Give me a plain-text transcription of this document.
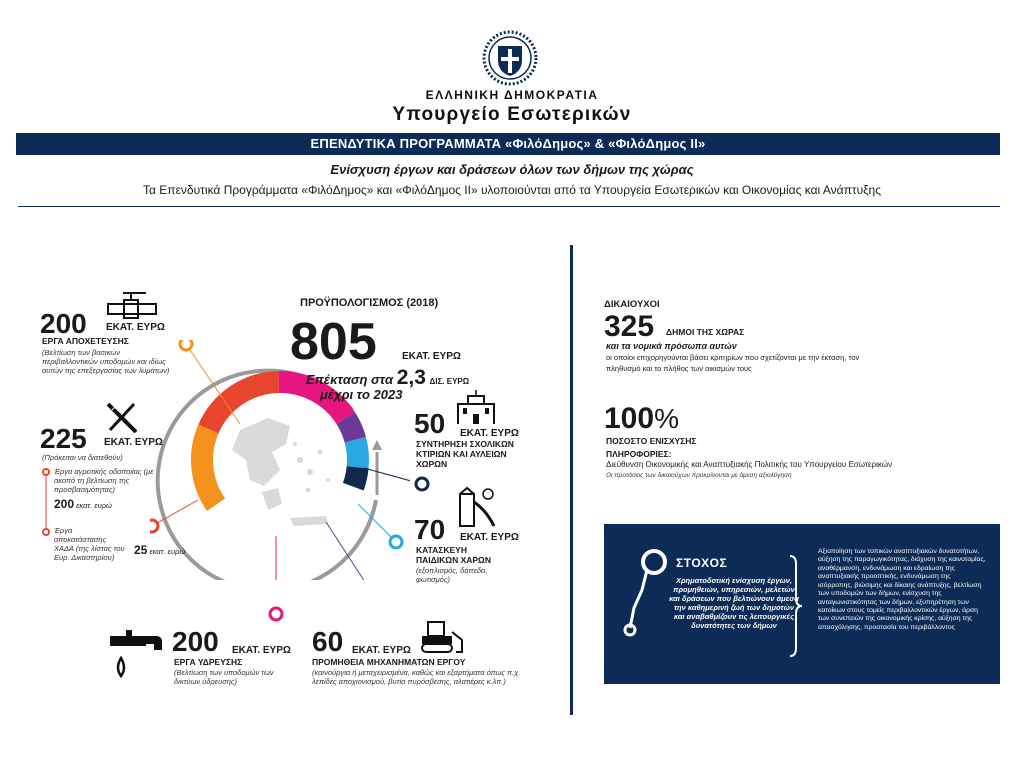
ΕΛΛΗΝΙΚΗ ΔΗΜΟΚΡΑΤΙΑ
Υπουργείο Εσωτερικών
ΕΠΕΝΔΥΤΙΚΑ ΠΡΟΓΡΑΜΜΑΤΑ «ΦιλόΔημος» & «ΦιλόΔημος ΙΙ»
Ενίσχυση έργων και δράσεων όλων των δήμων της χώρας
Τα Επενδυτικά Προγράμματα «ΦιλόΔημος» και «ΦιλόΔημος ΙΙ» υλοποιούνται από τα Υπουργεία Εσωτερικών και Οικονομίας και Ανάπτυξης
ΠΡΟΫΠΟΛΟΓΙΣΜΟΣ (2018)
805	ΕΚΑΤ. ΕΥΡΩ
Επέκταση στα 2,3 ΔΙΣ. ΕΥΡΩ
μέχρι το 2023
200 ΕΚΑΤ. ΕΥΡΩ
ΕΡΓΑ ΑΠΟΧΕΤΕΥΣΗΣ
(Βελτίωση των βασικών περιβαλλοντικών υποδομών και ιδίως αυτών της επεξεργασίας των λυμάτων)
225 ΕΚΑΤ. ΕΥΡΩ
(Πρόκειται να διατεθούν)
Έργα αγροτικής οδοποιίας (με ακοπό τη βελτίωση της προσβασιμότητας)
200 εκατ. ευρώ
Έργα αποκατάστασης ΧΑΔΑ (της λίστας του Ευρ. Δικαστηρίου)
25 εκατ. ευρώ
50 ΕΚΑΤ. ΕΥΡΩ
ΣΥΝΤΗΡΗΣΗ ΣΧΟΛΙΚΩΝ ΚΤΙΡΙΩΝ ΚΑΙ ΑΥΛΕΙΩΝ ΧΩΡΩΝ
70 ΕΚΑΤ. ΕΥΡΩ
ΚΑΤΑΣΚΕΥΗ ΠΑΙΔΙΚΩΝ ΧΑΡΩΝ
(εξοπλισμός, δάπεδα, φωτισμός)
200 ΕΚΑΤ. ΕΥΡΩ
ΕΡΓΑ ΥΔΡΕΥΣΗΣ
(Βελτίωση των υποδομών των δικτύων ύδρευσης)
60 ΕΚΑΤ. ΕΥΡΩ
ΠΡΟΜΗΘΕΙΑ ΜΗΧΑΝΗΜΑΤΩΝ ΕΡΓΟΥ
(καινούργια ή μεταχειρισμένα, καθώς και εξαρτήματα όπως π.χ. λεπίδες αποχιονισμού, βυτία πυρόσβεσης, αλατιέρες κ.λπ.)
ΔΙΚΑΙΟΥΧΟΙ
325 ΔΗΜΟΙ ΤΗΣ ΧΩΡΑΣ
και τα νομικά πρόσωπα αυτών
οι οποίοι επιχορηγούνται βάσει κριτηρίων που σχετίζονται με την έκταση, τον πληθυσμό και το πλήθος των οικισμών τους
100%
ΠΟΣΟΣΤΟ ΕΝΙΣΧΥΣΗΣ
ΠΛΗΡΟΦΟΡΙΕΣ:
Διεύθυνση Οικονομικής και Αναπτυξιακής Πολιτικής του Υπουργείου Εσωτερικών
Οι προτάσεις των δικαιούχων προκρίνονται με άμεση αξιολόγηση
ΣΤΟΧΟΣ
Χρηματοδοτική ενίσχυση έργων, προμηθειών, υπηρεσιών, μελετών και δράσεων που βελτιώνουν άμεσα την καθημερινή ζωή των δημοτών και αναβαθμίζουν τις λειτουργικές δυνατότητες των δήμων
Αξιοποίηση των τοπικών αναπτυξιακών δυνατοτήτων, αύξηση της παραγωγικότητας, διάχυση της καινοτομίας, αναθέρμανση, ενδυνάμωση και εδραίωση της αναπτυξιακής προοπτικής, ενδυνάμωση της ισόρροπης, βιώσιμης και δίκαιης ανάπτυξης, βελτίωση των υποδομών των δήμων, ενίσχυση της ανταγωνιστικότητας των δήμων, εξυπηρέτηση των κατοίκων στους τομείς περιβαλλοντικών έργων, άρση των συνεπειών της οικονομικής κρίσης, αύξηση της απασχόλησης, προστασία του περιβάλλοντος
